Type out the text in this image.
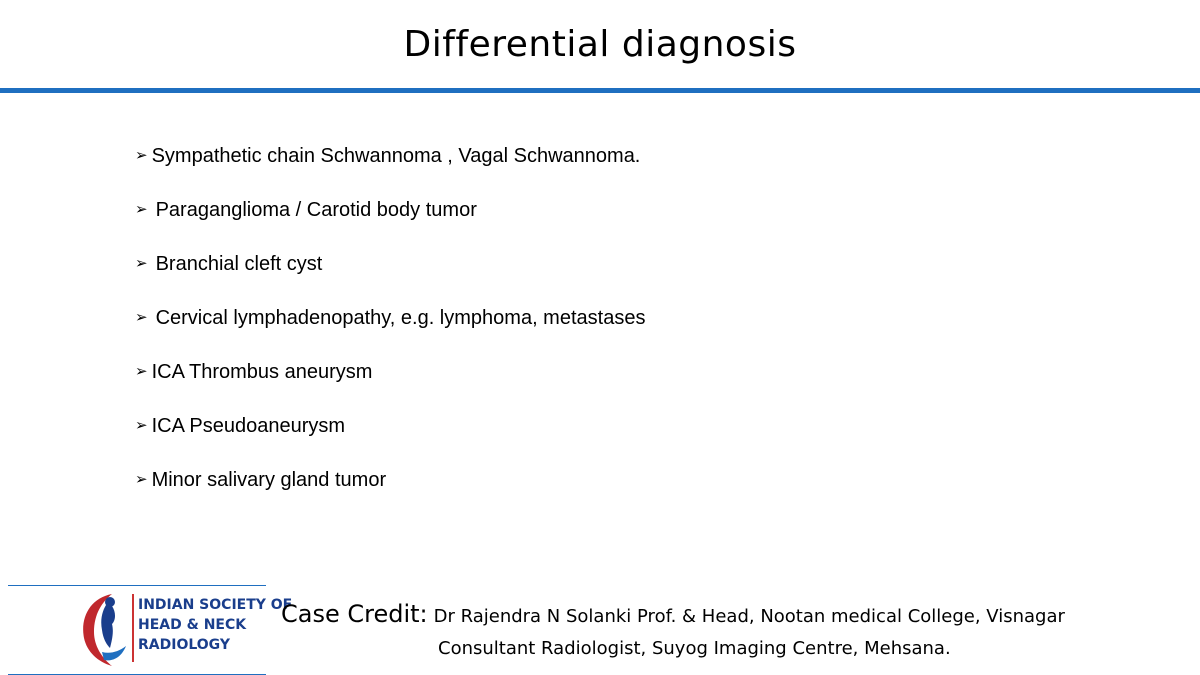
Differential diagnosis
➢ Sympathetic chain Schwannoma , Vagal Schwannoma.
➢ Paraganglioma / Carotid body tumor
➢ Branchial cleft cyst
➢ Cervical lymphadenopathy, e.g. lymphoma, metastases
➢ ICA Thrombus aneurysm
➢ ICA Pseudoaneurysm
➢ Minor salivary gland tumor
INDIAN SOCIETY OF
HEAD & NECK
RADIOLOGY
Case Credit: Dr Rajendra N Solanki Prof. & Head, Nootan medical College, Visnagar
Consultant Radiologist, Suyog Imaging Centre, Mehsana.
